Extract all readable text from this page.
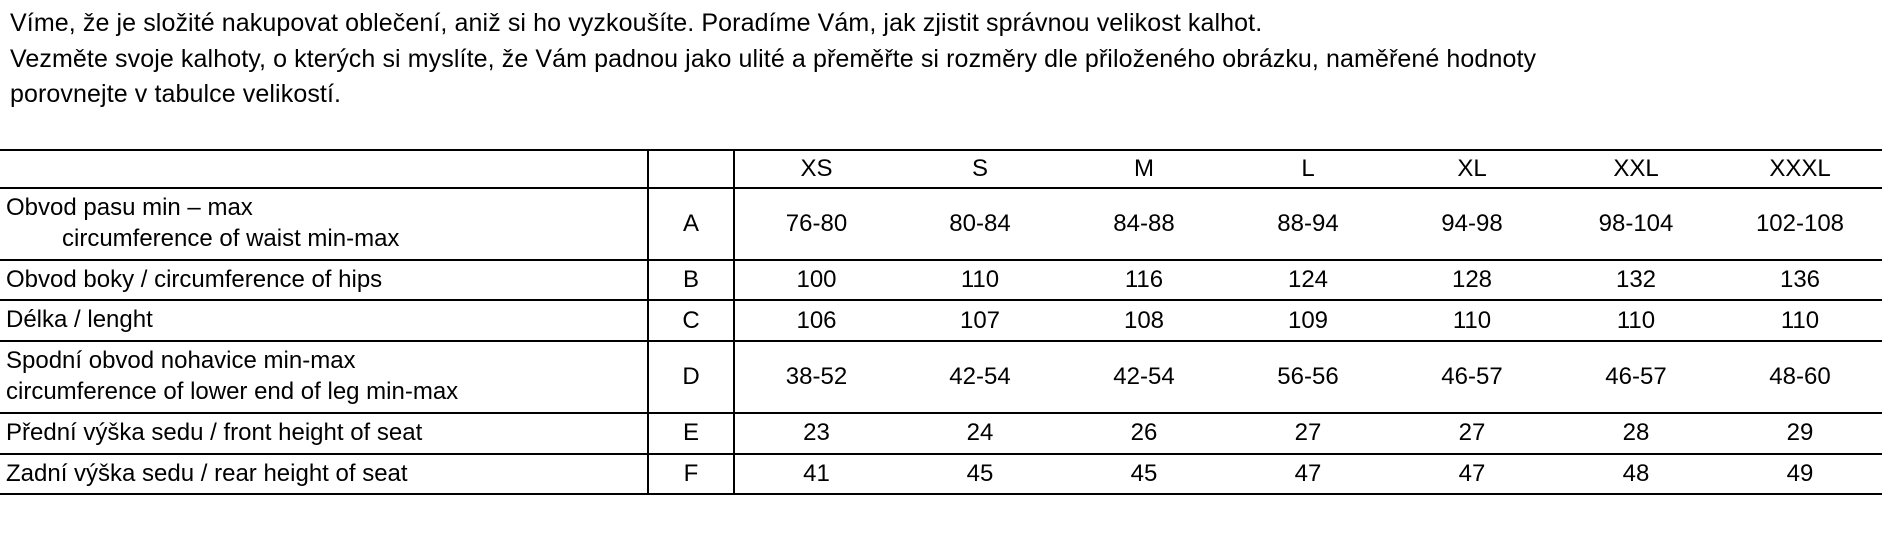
Víme, že je složité nakupovat oblečení, aniž si ho vyzkoušíte. Poradíme Vám, jak zjistit správnou velikost kalhot.

Vezměte svoje kalhoty, o kterých si myslíte, že Vám padnou jako ulité a přeměřte si rozměry dle přiloženého obrázku, naměřené hodnoty

porovnejte v tabulce velikostí.

		XS	S	M	L	XL	XXL	XXXL

Obvod pasu min – max circumference of waist min-max	A	76-80	80-84	84-88	88-94	94-98	98-104	102-108
Obvod boky / circumference of hips	B	100	110	116	124	128	132	136
Délka / lenght	C	106	107	108	109	110	110	110

Spodní obvod nohavice min-max
circumference of lower end of leg min-max	D	38-52	42-54	42-54	56-56	46-57	46-57	48-60
Přední výška sedu / front height of seat	E	23	24	26	27	27	28	29
Zadní výška sedu / rear height of seat	F	41	45	45	47	47	48	49
